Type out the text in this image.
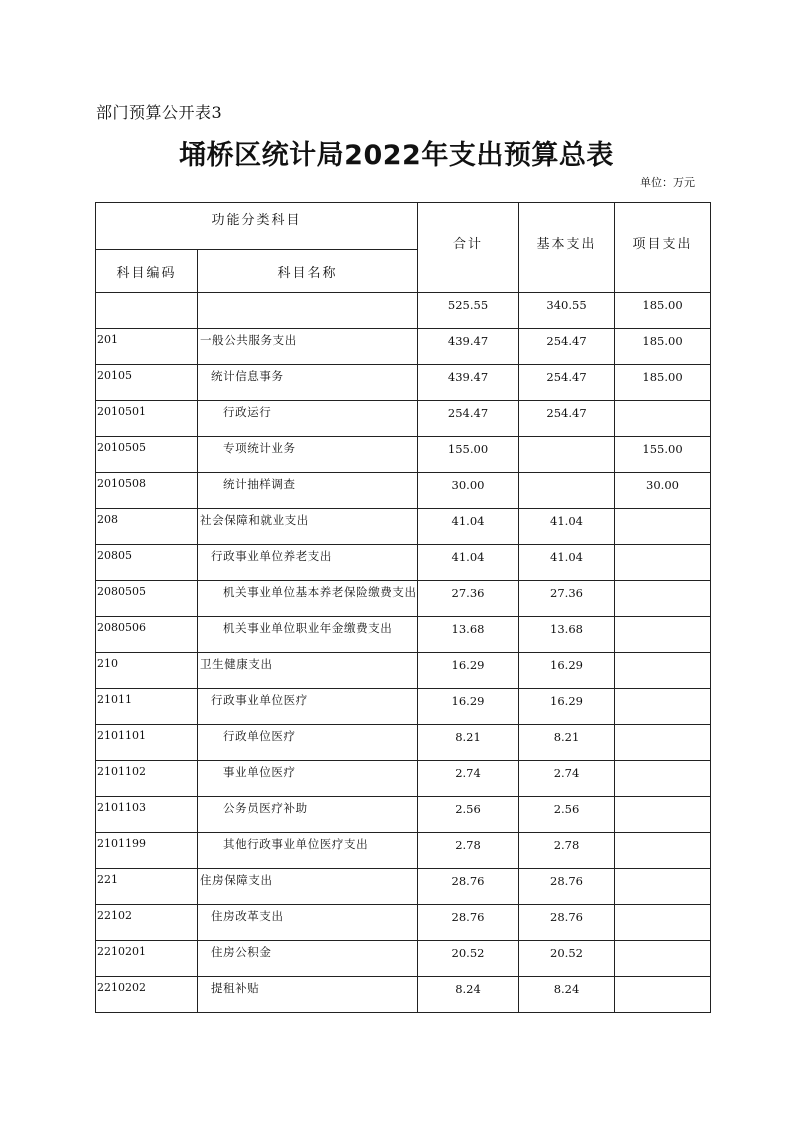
部门预算公开表3
埇桥区统计局2022年支出预算总表
单位：万元
功能分类科目		合计	基本支出	项目支出
科目编码	科目名称			
		525.55	340.55	185.00
201	一般公共服务支出	439.47	254.47	185.00
20105	统计信息事务	439.47	254.47	185.00
2010501	行政运行	254.47	254.47	
2010505	专项统计业务	155.00		155.00
2010508	统计抽样调查	30.00		30.00
208	社会保障和就业支出	41.04	41.04	
20805	行政事业单位养老支出	41.04	41.04	
2080505	机关事业单位基本养老保险缴费支出	27.36	27.36	
2080506	机关事业单位职业年金缴费支出	13.68	13.68	
210	卫生健康支出	16.29	16.29	
21011	行政事业单位医疗	16.29	16.29	
2101101	行政单位医疗	8.21	8.21	
2101102	事业单位医疗	2.74	2.74	
2101103	公务员医疗补助	2.56	2.56	
2101199	其他行政事业单位医疗支出	2.78	2.78	
221	住房保障支出	28.76	28.76	
22102	住房改革支出	28.76	28.76	
2210201	住房公积金	20.52	20.52	
2210202	提租补贴	8.24	8.24	
